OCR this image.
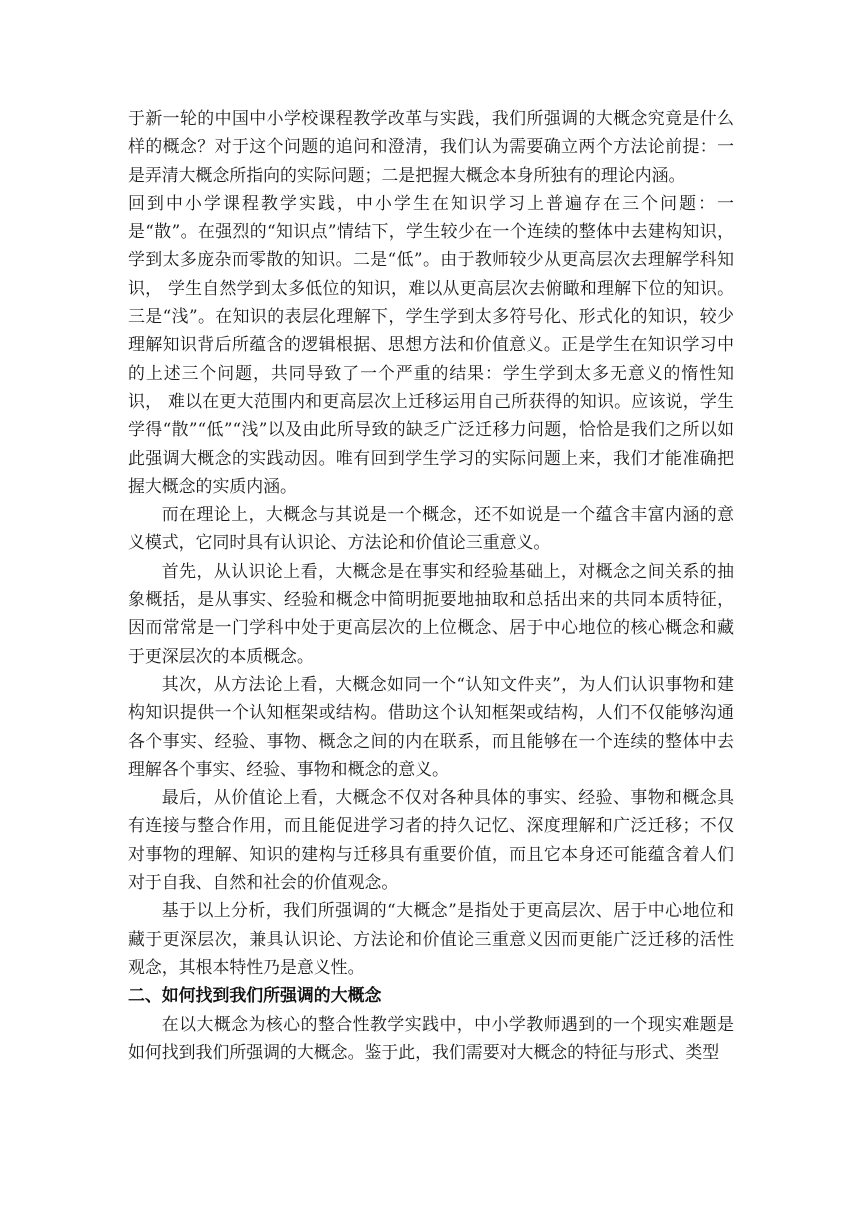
于新一轮的中国中小学校课程教学改革与实践，我们所强调的大概念究竟是什么样的概念？对于这个问题的追问和澄清，我们认为需要确立两个方法论前提：一是弄清大概念所指向的实际问题；二是把握大概念本身所独有的理论内涵。

回到中小学课程教学实践，中小学生在知识学习上普遍存在三个问题：一是“散”。在强烈的“知识点”情结下，学生较少在一个连续的整体中去建构知识，学到太多庞杂而零散的知识。二是“低”。由于教师较少从更高层次去理解学科知识， 学生自然学到太多低位的知识，难以从更高层次去俯瞰和理解下位的知识。三是“浅”。在知识的表层化理解下，学生学到太多符号化、形式化的知识，较少理解知识背后所蕴含的逻辑根据、思想方法和价值意义。正是学生在知识学习中的上述三个问题，共同导致了一个严重的结果：学生学到太多无意义的惰性知识， 难以在更大范围内和更高层次上迁移运用自己所获得的知识。应该说，学生学得“散”“低”“浅”以及由此所导致的缺乏广泛迁移力问题，恰恰是我们之所以如此强调大概念的实践动因。唯有回到学生学习的实际问题上来，我们才能准确把握大概念的实质内涵。

而在理论上，大概念与其说是一个概念，还不如说是一个蕴含丰富内涵的意义模式，它同时具有认识论、方法论和价值论三重意义。

首先，从认识论上看，大概念是在事实和经验基础上，对概念之间关系的抽象概括，是从事实、经验和概念中简明扼要地抽取和总括出来的共同本质特征， 因而常常是一门学科中处于更高层次的上位概念、居于中心地位的核心概念和藏于更深层次的本质概念。

其次，从方法论上看，大概念如同一个“认知文件夹”，为人们认识事物和建构知识提供一个认知框架或结构。借助这个认知框架或结构，人们不仅能够沟通各个事实、经验、事物、概念之间的内在联系，而且能够在一个连续的整体中去理解各个事实、经验、事物和概念的意义。

最后，从价值论上看，大概念不仅对各种具体的事实、经验、事物和概念具有连接与整合作用，而且能促进学习者的持久记忆、深度理解和广泛迁移；不仅对事物的理解、知识的建构与迁移具有重要价值，而且它本身还可能蕴含着人们对于自我、自然和社会的价值观念。

基于以上分析，我们所强调的“大概念”是指处于更高层次、居于中心地位和藏于更深层次，兼具认识论、方法论和价值论三重意义因而更能广泛迁移的活性观念，其根本特性乃是意义性。

二、如何找到我们所强调的大概念

在以大概念为核心的整合性教学实践中，中小学教师遇到的一个现实难题是如何找到我们所强调的大概念。鉴于此，我们需要对大概念的特征与形式、类型
